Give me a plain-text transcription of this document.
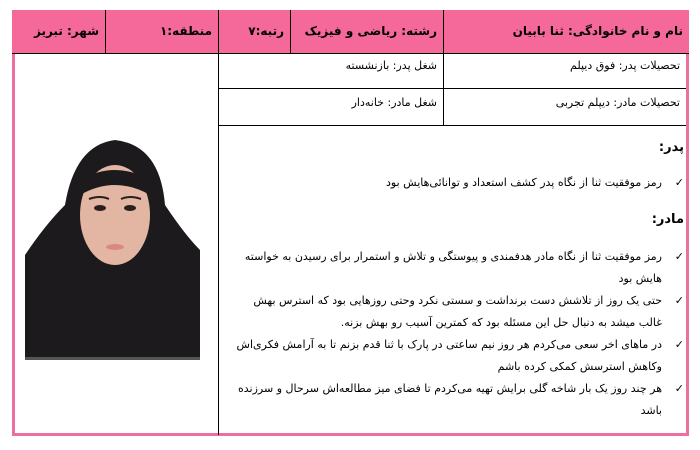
نام و نام خانوادگی: ثنا بابیان
رشته: ریاضی و فیزیک
رتبه:۷
منطقه:۱
شهر: تبریز
تحصیلات پدر: فوق دیپلم
شغل پدر: بازنشسته
تحصیلات مادر: دیپلم تجربی
شغل مادر: خانه‌دار
پدر:
✓
رمز موفقیت ثنا از نگاه پدر کشف استعداد و توانائی‌هایش بود
مادر:
✓
رمز موفقیت ثنا از نگاه مادر هدفمندی و پیوستگی و تلاش و استمرار برای رسیدن به خواسته هایش بود
✓
حتی یک روز از تلاشش دست برنداشت و سستی نکرد وحتی روزهایی بود که استرس بهش غالب میشد به دنبال حل این مسئله بود که کمترین آسیب رو بهش بزنه.
✓
در ماهای اخر سعی می‌کردم هر روز نیم ساعتی در پارک با ثنا قدم بزنم تا به آرامش فکری‌اش وکاهش استرسش کمکی کرده باشم
✓
هر چند روز یک بار شاخه گلی برایش تهیه می‌کردم تا فضای میز مطالعه‌اش سرحال و سرزنده باشد
